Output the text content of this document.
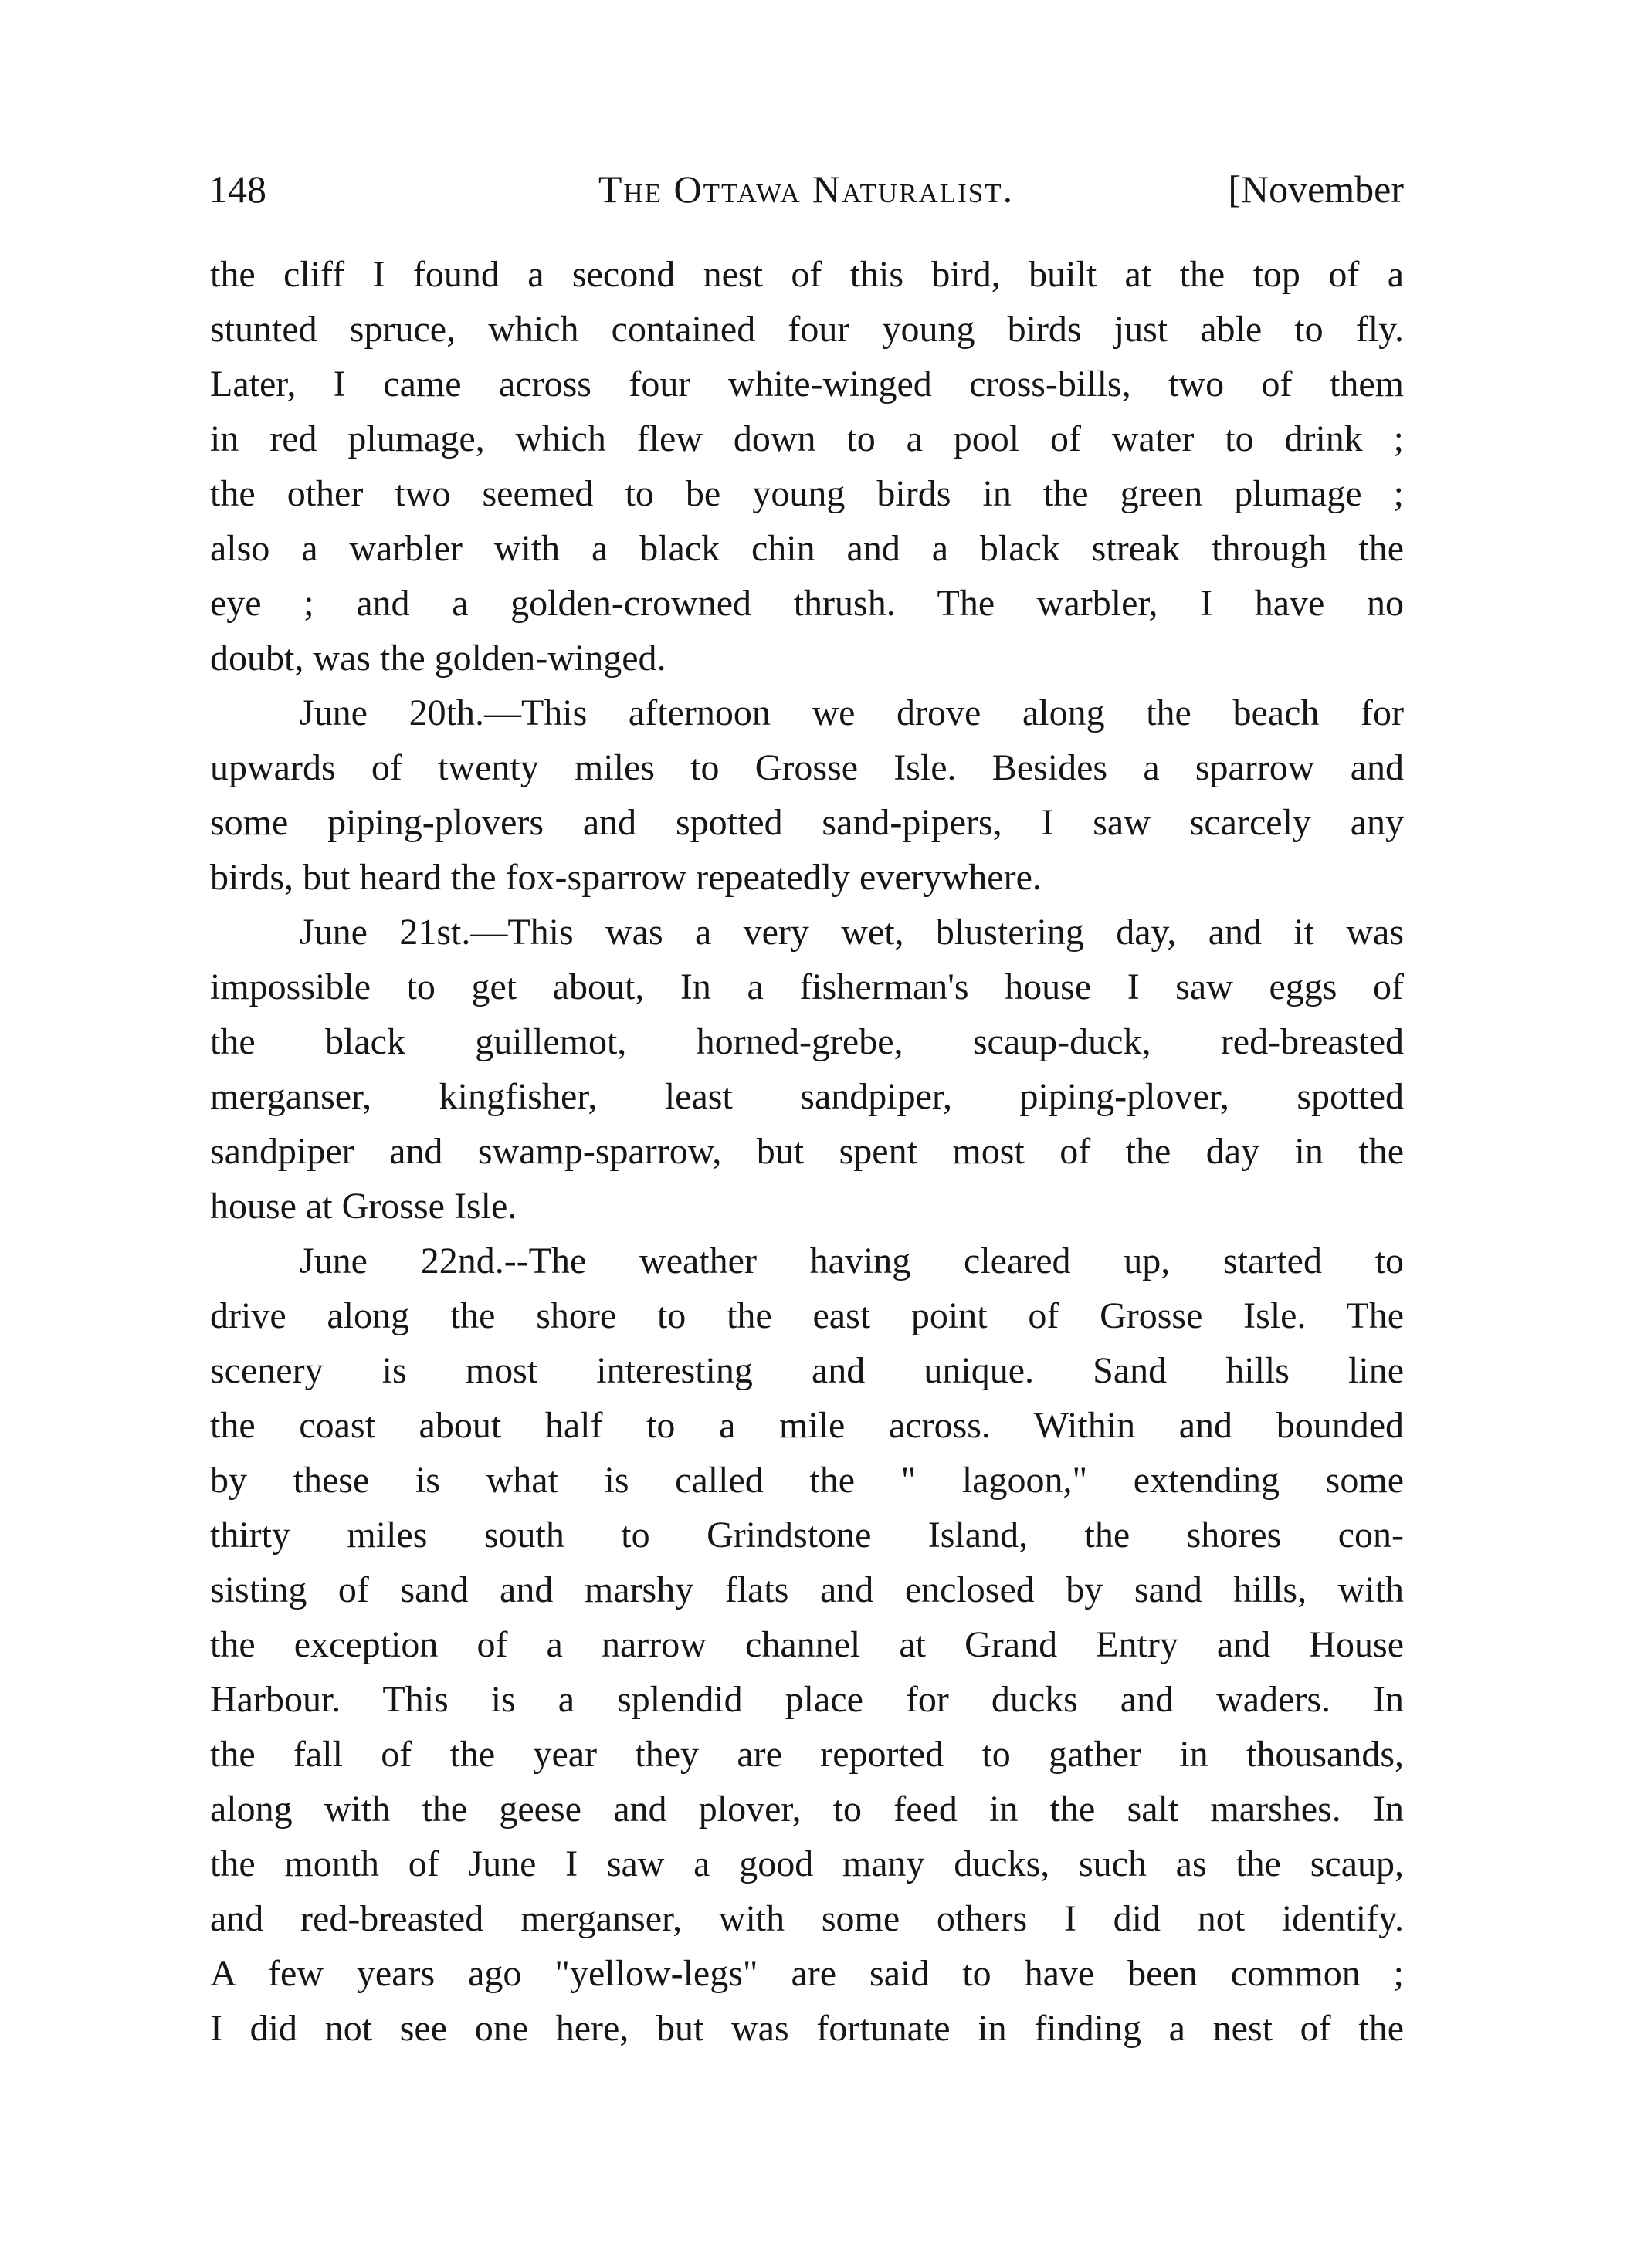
148	The Ottawa Naturalist.	[November
the cliff I found a second nest of this bird, built at the top of a
stunted spruce, which contained four young birds just able to fly.
Later, I came across four white-winged cross-bills, two of them
in red plumage, which flew down to a pool of water to drink ;
the other two seemed to be young birds in the green plumage ;
also a warbler with a black chin and a black streak through the
eye ; and a golden-crowned thrush. The warbler, I have no
doubt, was the golden-winged.
June 20th.—This afternoon we drove along the beach for
upwards of twenty miles to Grosse Isle. Besides a sparrow and
some piping-plovers and spotted sand-pipers, I saw scarcely any
birds, but heard the fox-sparrow repeatedly everywhere.
June 21st.—This was a very wet, blustering day, and it was
impossible to get about, In a fisherman's house I saw eggs of
the black guillemot, horned-grebe, scaup-duck, red-breasted
merganser, kingfisher, least sandpiper, piping-plover, spotted
sandpiper and swamp-sparrow, but spent most of the day in the
house at Grosse Isle.
June 22nd.--The weather having cleared up, started to
drive along the shore to the east point of Grosse Isle. The
scenery is most interesting and unique. Sand hills line
the coast about half to a mile across. Within and bounded
by these is what is called the " lagoon," extending some
thirty miles south to Grindstone Island, the shores con-
sisting of sand and marshy flats and enclosed by sand hills, with
the exception of a narrow channel at Grand Entry and House
Harbour. This is a splendid place for ducks and waders. In
the fall of the year they are reported to gather in thousands,
along with the geese and plover, to feed in the salt marshes. In
the month of June I saw a good many ducks, such as the scaup,
and red-breasted merganser, with some others I did not identify.
A few years ago "yellow-legs" are said to have been common ;
I did not see one here, but was fortunate in finding a nest of the
